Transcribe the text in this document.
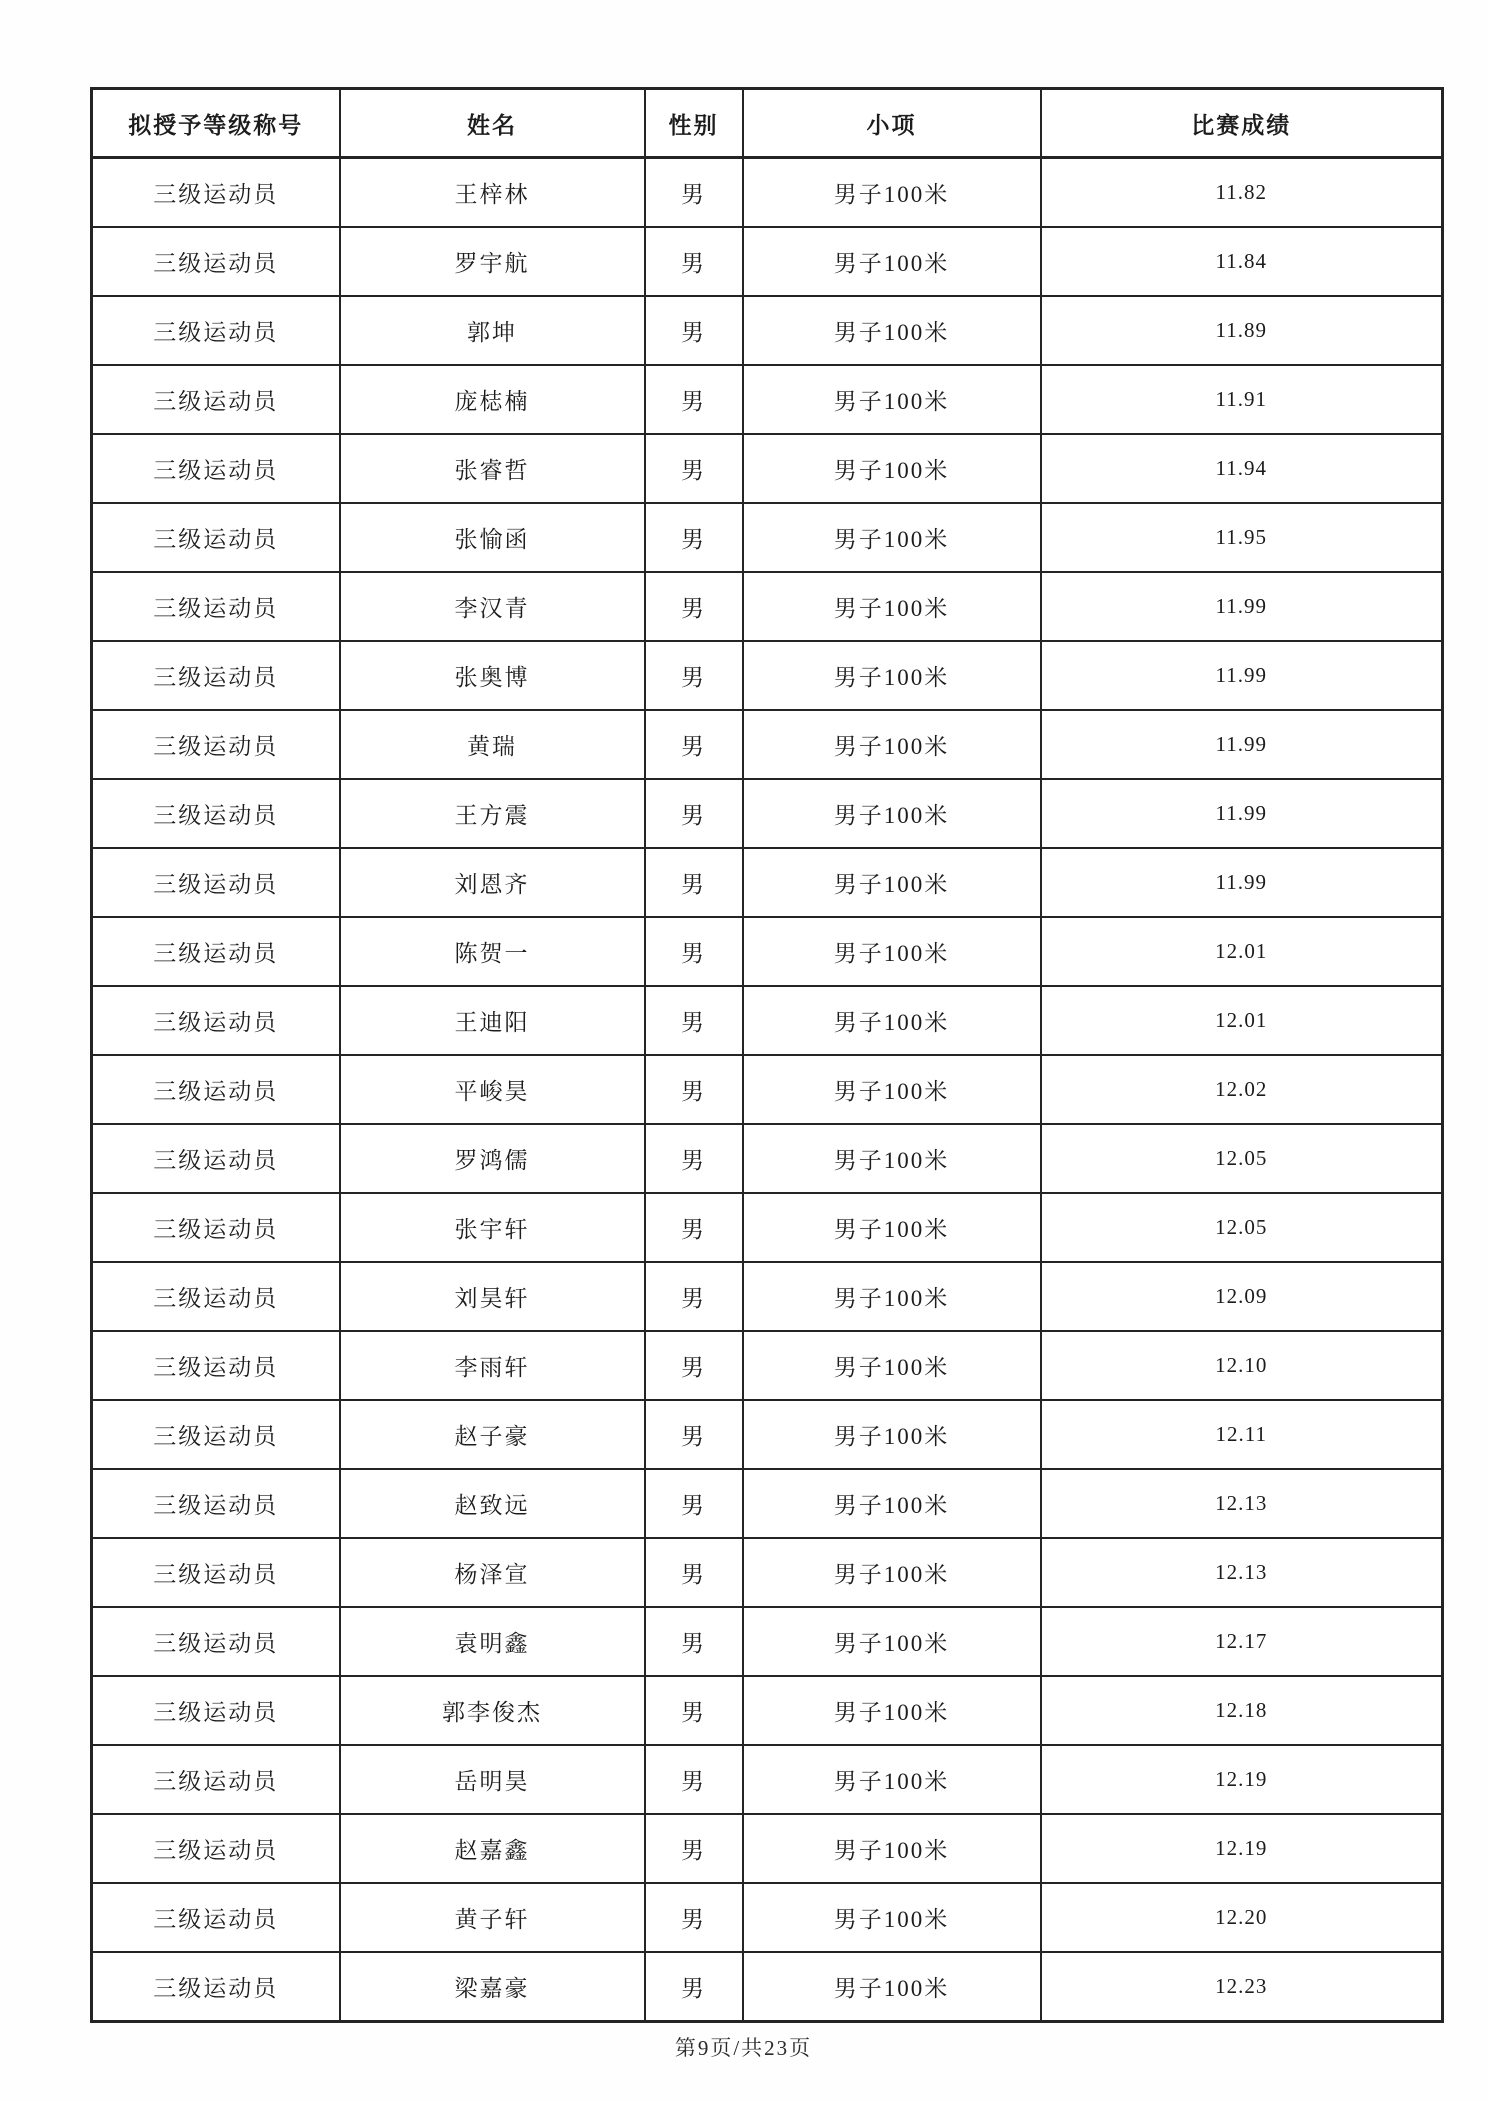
拟授予等级称号	姓名	性别	小项	比赛成绩
三级运动员	王梓林	男	男子100米	11.82
三级运动员	罗宇航	男	男子100米	11.84
三级运动员	郭坤	男	男子100米	11.89
三级运动员	庞梽楠	男	男子100米	11.91
三级运动员	张睿哲	男	男子100米	11.94
三级运动员	张愉函	男	男子100米	11.95
三级运动员	李汉青	男	男子100米	11.99
三级运动员	张奥博	男	男子100米	11.99
三级运动员	黄瑞	男	男子100米	11.99
三级运动员	王方震	男	男子100米	11.99
三级运动员	刘恩齐	男	男子100米	11.99
三级运动员	陈贺一	男	男子100米	12.01
三级运动员	王迪阳	男	男子100米	12.01
三级运动员	平峻昊	男	男子100米	12.02
三级运动员	罗鸿儒	男	男子100米	12.05
三级运动员	张宇轩	男	男子100米	12.05
三级运动员	刘昊轩	男	男子100米	12.09
三级运动员	李雨轩	男	男子100米	12.10
三级运动员	赵子豪	男	男子100米	12.11
三级运动员	赵致远	男	男子100米	12.13
三级运动员	杨泽宣	男	男子100米	12.13
三级运动员	袁明鑫	男	男子100米	12.17
三级运动员	郭李俊杰	男	男子100米	12.18
三级运动员	岳明昊	男	男子100米	12.19
三级运动员	赵嘉鑫	男	男子100米	12.19
三级运动员	黄子轩	男	男子100米	12.20
三级运动员	梁嘉豪	男	男子100米	12.23
第9页/共23页
